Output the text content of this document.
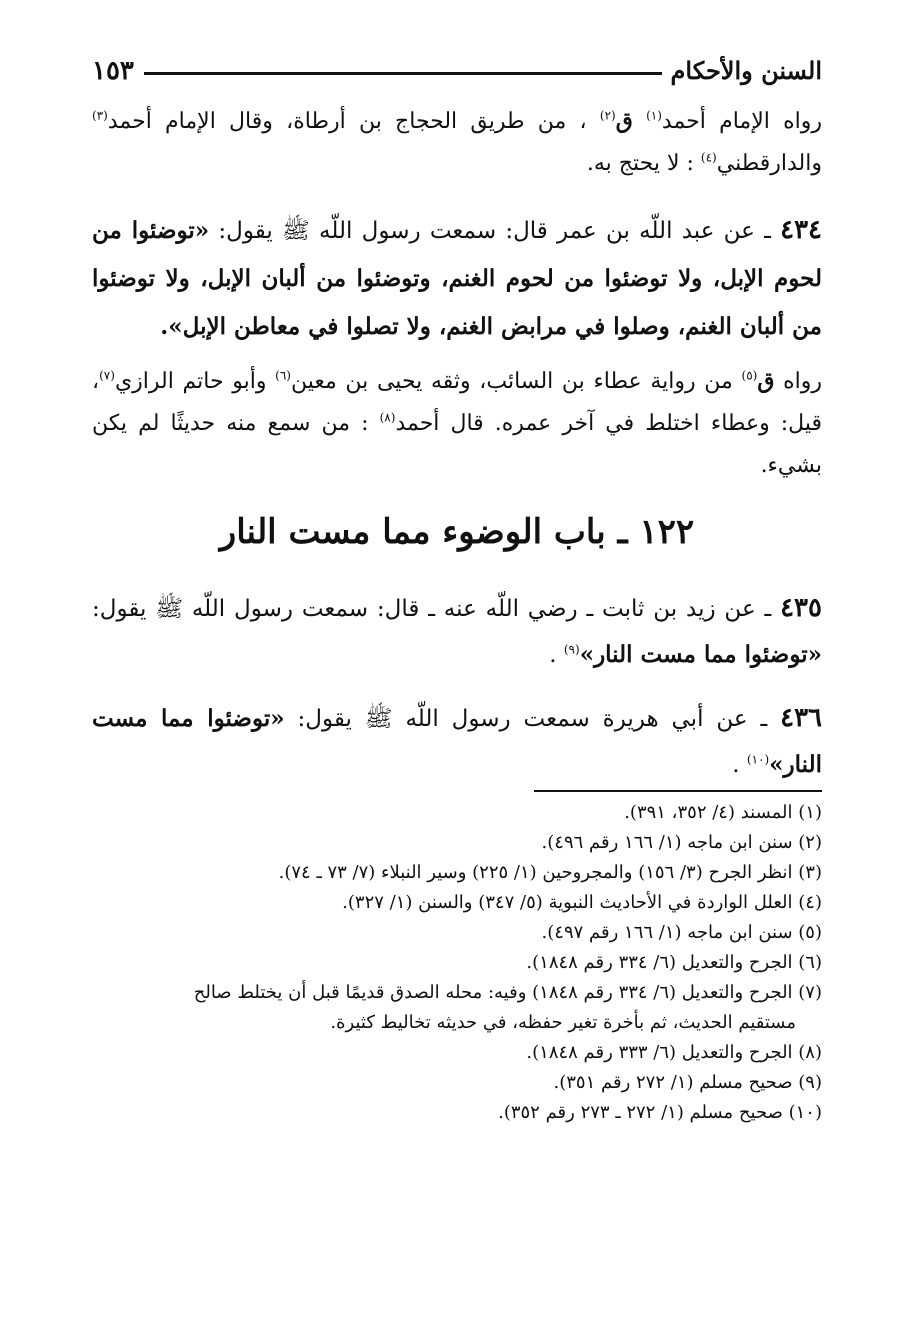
السنن والأحكام
١٥٣

رواه الإمام أحمد$^{(١)}$ ق$^{(٢)}$ ، من طريق الحجاج بن أرطاة، وقال الإمام أحمد$^{(٣)}$ والدارقطني$^{(٤)}$ : لا يحتج به.

٤٣٤ ـ عن عبد اللّه بن عمر قال: سمعت رسول اللّه ﷺ يقول: «توضئوا من لحوم الإبل، ولا توضئوا من لحوم الغنم، وتوضئوا من ألبان الإبل، ولا توضئوا من ألبان الغنم، وصلوا في مرابض الغنم، ولا تصلوا في معاطن الإبل».

رواه ق$^{(٥)}$ من رواية عطاء بن السائب، وثقه يحيى بن معين$^{(٦)}$ وأبو حاتم الرازي$^{(٧)}$، قيل: وعطاء اختلط في آخر عمره. قال أحمد$^{(٨)}$ : من سمع منه حديثًا لم يكن بشيء.

١٢٢ ـ باب الوضوء مما مست النار

٤٣٥ ـ عن زيد بن ثابت ـ رضي اللّه عنه ـ قال: سمعت رسول اللّه ﷺ يقول: «توضئوا مما مست النار»$^{(٩)}$ .

٤٣٦ ـ عن أبي هريرة سمعت رسول اللّه ﷺ يقول: «توضئوا مما مست النار»$^{(١٠)}$ .

(١) المسند (٤/ ٣٥٢، ٣٩١).
(٢) سنن ابن ماجه (١/ ١٦٦ رقم ٤٩٦).
(٣) انظر الجرح (٣/ ١٥٦) والمجروحين (١/ ٢٢٥) وسير النبلاء (٧/ ٧٣ ـ ٧٤).
(٤) العلل الواردة في الأحاديث النبوية (٥/ ٣٤٧) والسنن (١/ ٣٢٧).
(٥) سنن ابن ماجه (١/ ١٦٦ رقم ٤٩٧).
(٦) الجرح والتعديل (٦/ ٣٣٤ رقم ١٨٤٨).
(٧) الجرح والتعديل (٦/ ٣٣٤ رقم ١٨٤٨) وفيه: محله الصدق قديمًا قبل أن يختلط صالح
مستقيم الحديث، ثم بأخرة تغير حفظه، في حديثه تخاليط كثيرة.
(٨) الجرح والتعديل (٦/ ٣٣٣ رقم ١٨٤٨).
(٩) صحيح مسلم (١/ ٢٧٢ رقم ٣٥١).
(١٠) صحيح مسلم (١/ ٢٧٢ ـ ٢٧٣ رقم ٣٥٢).
